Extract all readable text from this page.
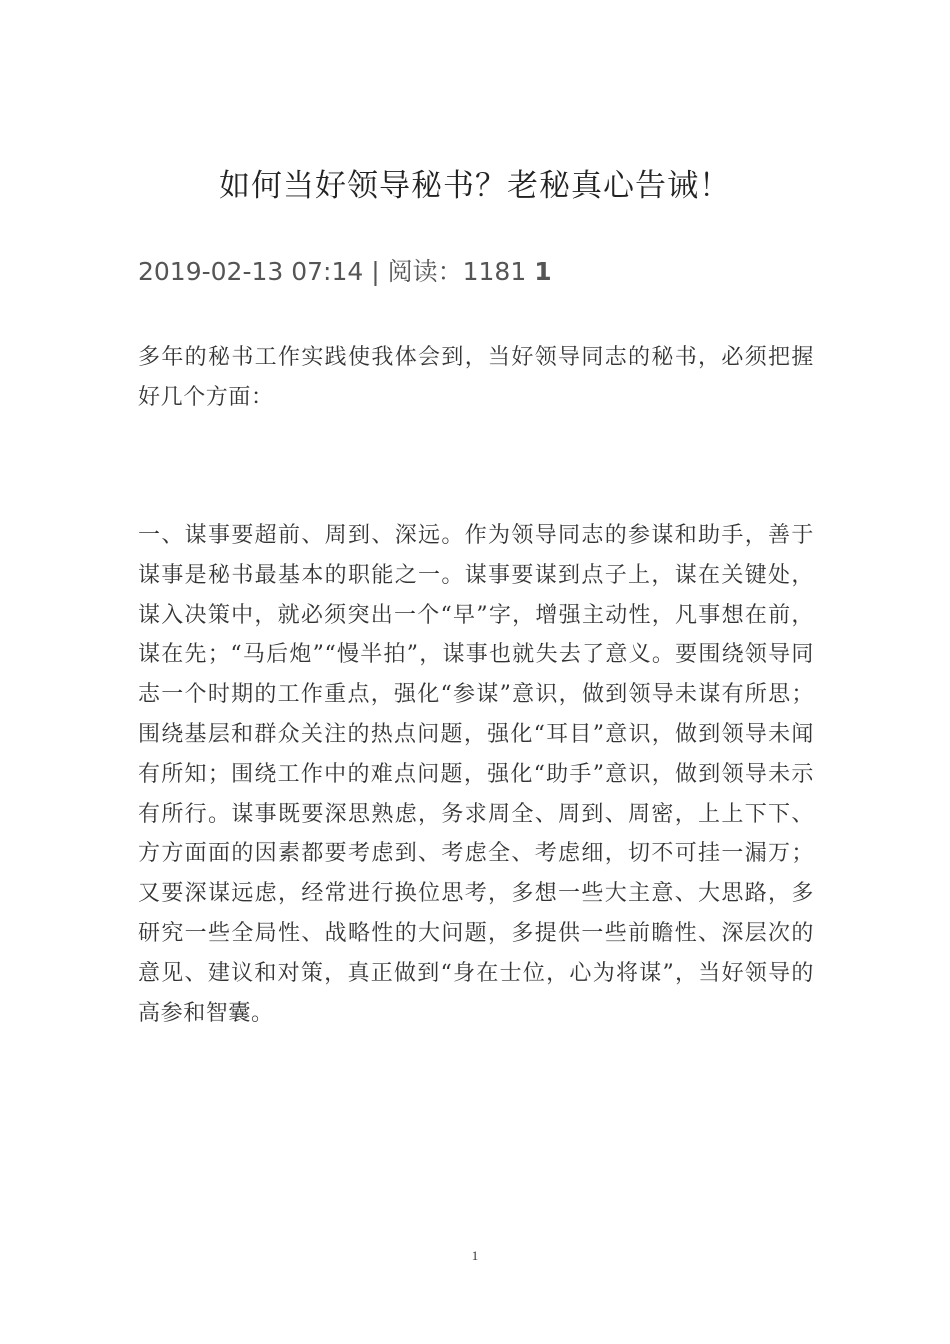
如何当好领导秘书？老秘真心告诫！
2019-02-13 07:14 | 阅读：1181 1
多年的秘书工作实践使我体会到，当好领导同志的秘书，必须把握好几个方面：
一、谋事要超前、周到、深远。作为领导同志的参谋和助手，善于谋事是秘书最基本的职能之一。谋事要谋到点子上，谋在关键处，谋入决策中，就必须突出一个“早”字，增强主动性，凡事想在前，谋在先；“马后炮”“慢半拍”，谋事也就失去了意义。要围绕领导同志一个时期的工作重点，强化“参谋”意识，做到领导未谋有所思；围绕基层和群众关注的热点问题，强化“耳目”意识，做到领导未闻有所知；围绕工作中的难点问题，强化“助手”意识，做到领导未示有所行。谋事既要深思熟虑，务求周全、周到、周密，上上下下、方方面面的因素都要考虑到、考虑全、考虑细，切不可挂一漏万；又要深谋远虑，经常进行换位思考，多想一些大主意、大思路，多研究一些全局性、战略性的大问题，多提供一些前瞻性、深层次的意见、建议和对策，真正做到“身在士位，心为将谋”，当好领导的高参和智囊。
1
